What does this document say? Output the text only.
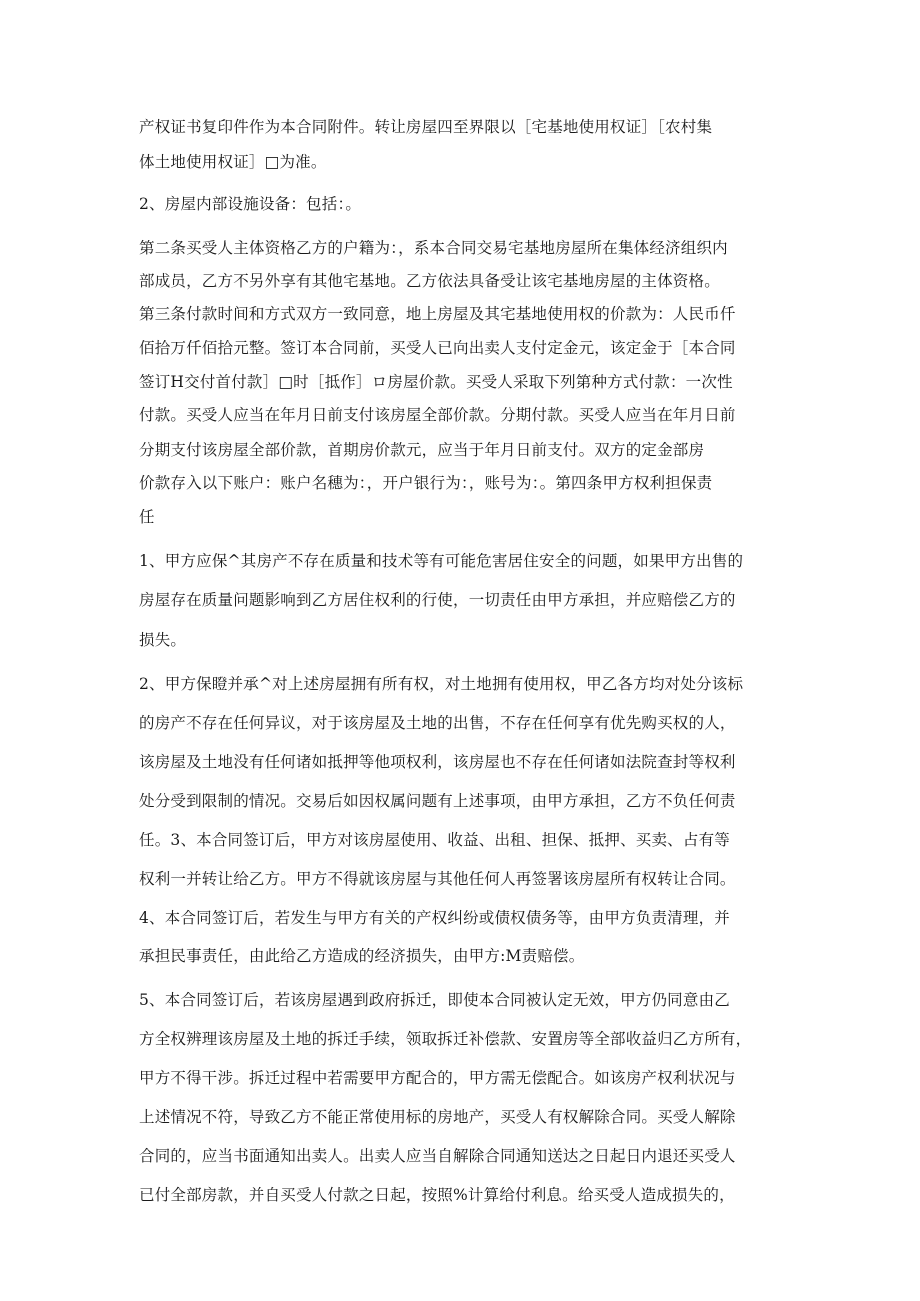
产权证书复印件作为本合同附件。转让房屋四至界限以［宅基地使用权证］［农村集
体土地使用权证］□为准。
2、房屋内部设施设备：包括：。
第二条买受人主体资格乙方的户籍为：，系本合同交易宅基地房屋所在集体经济组织内
部成员，乙方不另外享有其他宅基地。乙方依法具备受让该宅基地房屋的主体资格。
第三条付款时间和方式双方一致同意，地上房屋及其宅基地使用权的价款为：人民币仟
佰拾万仟佰拾元整。签订本合同前，买受人已向出卖人支付定金元，该定金于［本合同
签订H交付首付款］□时［抵作］ロ房屋价款。买受人采取下列第种方式付款：一次性
付款。买受人应当在年月日前支付该房屋全部价款。分期付款。买受人应当在年月日前
分期支付该房屋全部价款，首期房价款元，应当于年月日前支付。双方的定金部房
价款存入以下账户：账户名穗为：，开户银行为：，账号为：。第四条甲方权利担保责
任
1、甲方应保^其房产不存在质量和技术等有可能危害居住安全的问题，如果甲方出售的
房屋存在质量问题影响到乙方居住权利的行使，一切责任由甲方承担，并应赔偿乙方的
损失。
2、甲方保瞪并承^对上述房屋拥有所有权，对土地拥有使用权，甲乙各方均对处分该标
的房产不存在任何异议，对于该房屋及土地的出售，不存在任何享有优先购买权的人，
该房屋及土地没有任何诸如抵押等他项权利，该房屋也不存在任何诸如法院查封等权利
处分受到限制的情况。交易后如因权属问题有上述事项，由甲方承担，乙方不负任何责
任。3、本合同签订后，甲方对该房屋使用、收益、出租、担保、抵押、买卖、占有等
权利一并转让给乙方。甲方不得就该房屋与其他任何人再签署该房屋所有权转让合同。
4、本合同签订后，若发生与甲方有关的产权纠纷或债权债务等，由甲方负责清理，并
承担民事责任，由此给乙方造成的经济损失，由甲方:M责赔偿。
5、本合同签订后，若该房屋遇到政府拆迁，即使本合同被认定无效，甲方仍同意由乙
方全权辨理该房屋及土地的拆迁手续，领取拆迁补偿款、安置房等全部收益归乙方所有，
甲方不得干涉。拆迁过程中若需要甲方配合的，甲方需无偿配合。如该房产权利状况与
上述情况不符，导致乙方不能正常使用标的房地产，买受人有权解除合同。买受人解除
合同的，应当书面通知出卖人。出卖人应当自解除合同通知送达之日起日内退还买受人
已付全部房款，并自买受人付款之日起，按照%计算给付利息。给买受人造成损失的，
